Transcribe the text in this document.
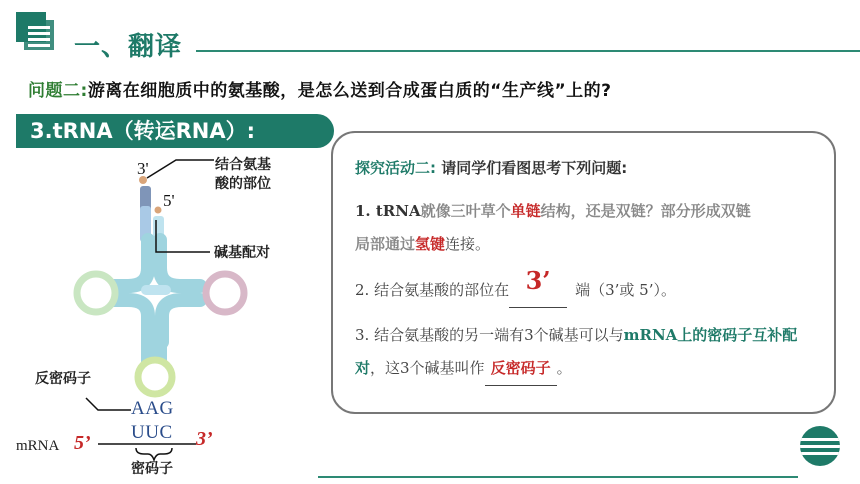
一、翻译
问题二:游离在细胞质中的氨基酸，是怎么送到合成蛋白质的“生产线”上的?
3.tRNA（转运RNA）:
3'
5'
结合氨基
酸的部位
碱基配对
反密码子
AAG
UUC
mRNA 5’	3’
密码子
探究活动二: 请同学们看图思考下列问题:
1. tRNA就像三叶草个单链结构，还是双链？部分形成双链
局部通过氢键连接。
2. 结合氨基酸的部位在 3’ 端（3’或 5’）。
3. 结合氨基酸的另一端有3个碱基可以与mRNA上的密码子互补配对，这3个碱基叫作 反密码子 。
